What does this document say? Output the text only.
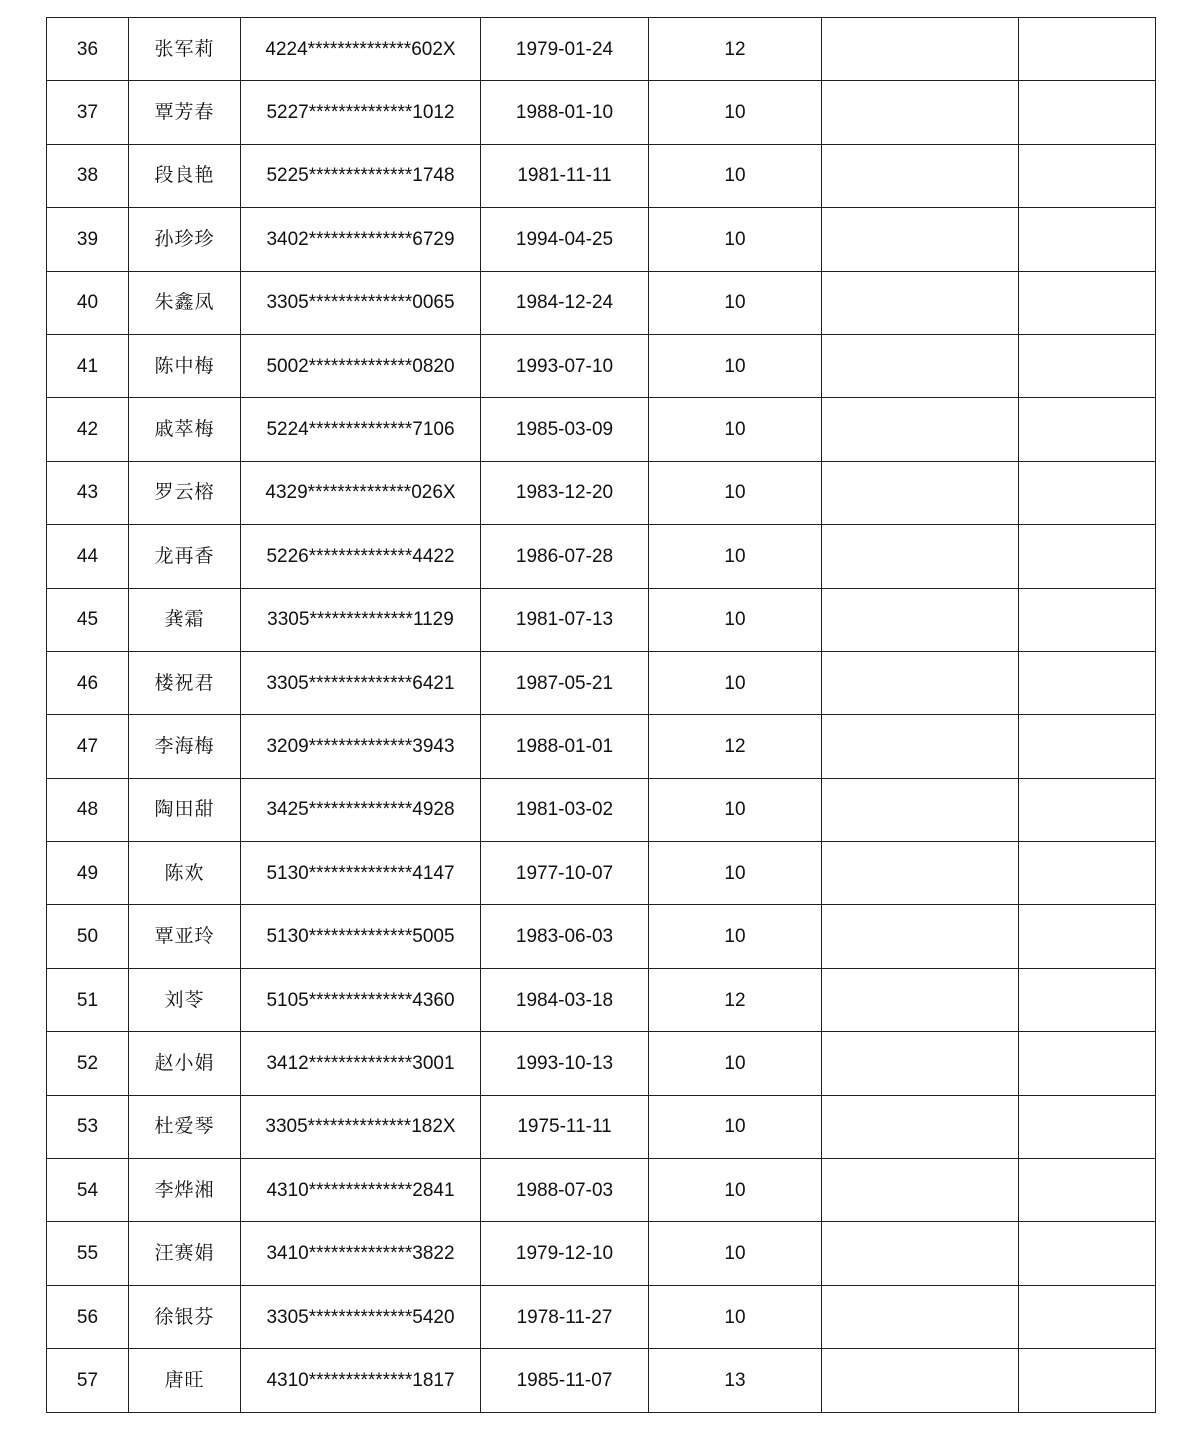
36	张军莉	4224**************602X	1979-01-24	12		
37	覃芳春	5227**************1012	1988-01-10	10		
38	段良艳	5225**************1748	1981-11-11	10		
39	孙珍珍	3402**************6729	1994-04-25	10		
40	朱鑫凤	3305**************0065	1984-12-24	10		
41	陈中梅	5002**************0820	1993-07-10	10		
42	戚萃梅	5224**************7106	1985-03-09	10		
43	罗云榕	4329**************026X	1983-12-20	10		
44	龙再香	5226**************4422	1986-07-28	10		
45	龚霜	3305**************1129	1981-07-13	10		
46	楼祝君	3305**************6421	1987-05-21	10		
47	李海梅	3209**************3943	1988-01-01	12		
48	陶田甜	3425**************4928	1981-03-02	10		
49	陈欢	5130**************4147	1977-10-07	10		
50	覃亚玲	5130**************5005	1983-06-03	10		
51	刘苓	5105**************4360	1984-03-18	12		
52	赵小娟	3412**************3001	1993-10-13	10		
53	杜爱琴	3305**************182X	1975-11-11	10		
54	李烨湘	4310**************2841	1988-07-03	10		
55	汪赛娟	3410**************3822	1979-12-10	10		
56	徐银芬	3305**************5420	1978-11-27	10		
57	唐旺	4310**************1817	1985-11-07	13		
